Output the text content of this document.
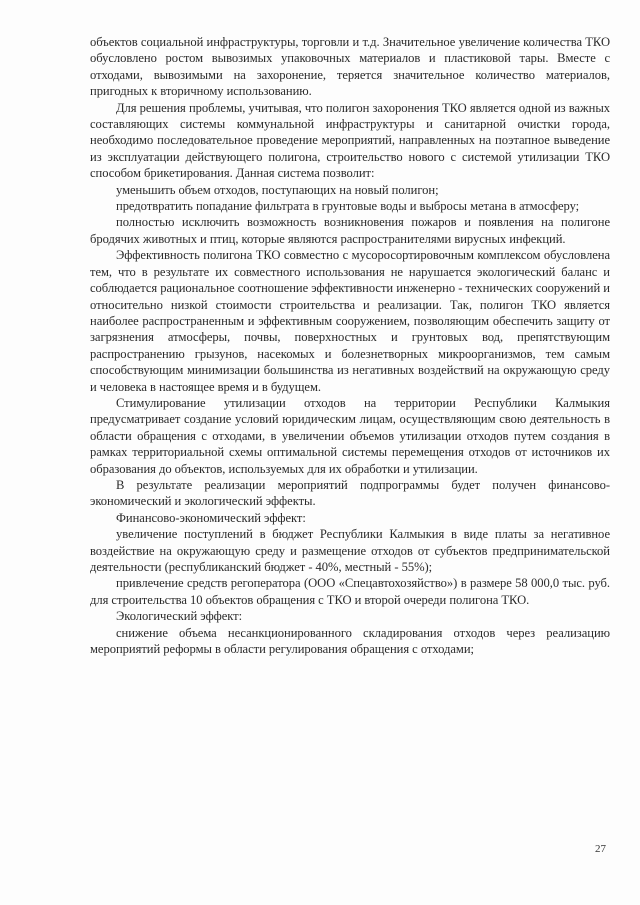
объектов социальной инфраструктуры, торговли и т.д. Значительное увеличение количества ТКО обусловлено ростом вывозимых упаковочных материалов и пластиковой тары. Вместе с отходами, вывозимыми на захоронение, теряется значительное количество материалов, пригодных к вторичному использованию.

Для решения проблемы, учитывая, что полигон захоронения ТКО является одной из важных составляющих системы коммунальной инфраструктуры и санитарной очистки города, необходимо последовательное проведение мероприятий, направленных на поэтапное выведение из эксплуатации действующего полигона, строительство нового с системой утилизации ТКО способом брикетирования. Данная система позволит:

уменьшить объем отходов, поступающих на новый полигон;

предотвратить попадание фильтрата в грунтовые воды и выбросы метана в атмосферу;

полностью исключить возможность возникновения пожаров и появления на полигоне бродячих животных и птиц, которые являются распространителями вирусных инфекций.

Эффективность полигона ТКО совместно с мусоросортировочным комплексом обусловлена тем, что в результате их совместного использования не нарушается экологический баланс и соблюдается рациональное соотношение эффективности инженерно - технических сооружений и относительно низкой стоимости строительства и реализации. Так, полигон ТКО является наиболее распространенным и эффективным сооружением, позволяющим обеспечить защиту от загрязнения атмосферы, почвы, поверхностных и грунтовых вод, препятствующим распространению грызунов, насекомых и болезнетворных микроорганизмов, тем самым способствующим минимизации большинства из негативных воздействий на окружающую среду и человека в настоящее время и в будущем.

Стимулирование утилизации отходов на территории Республики Калмыкия предусматривает создание условий юридическим лицам, осуществляющим свою деятельность в области обращения с отходами, в увеличении объемов утилизации отходов путем создания в рамках территориальной схемы оптимальной системы перемещения отходов от источников их образования до объектов, используемых для их обработки и утилизации.

В результате реализации мероприятий подпрограммы будет получен финансово-экономический и экологический эффекты.

Финансово-экономический эффект:

увеличение поступлений в бюджет Республики Калмыкия в виде платы за негативное воздействие на окружающую среду и размещение отходов от субъектов предпринимательской деятельности (республиканский бюджет - 40%, местный - 55%);

привлечение средств регоператора (ООО «Спецавтохозяйство») в размере 58 000,0 тыс. руб. для строительства 10 объектов обращения с ТКО и второй очереди полигона ТКО.

Экологический эффект:

снижение объема несанкционированного складирования отходов через реализацию мероприятий реформы в области регулирования обращения с отходами;

27
